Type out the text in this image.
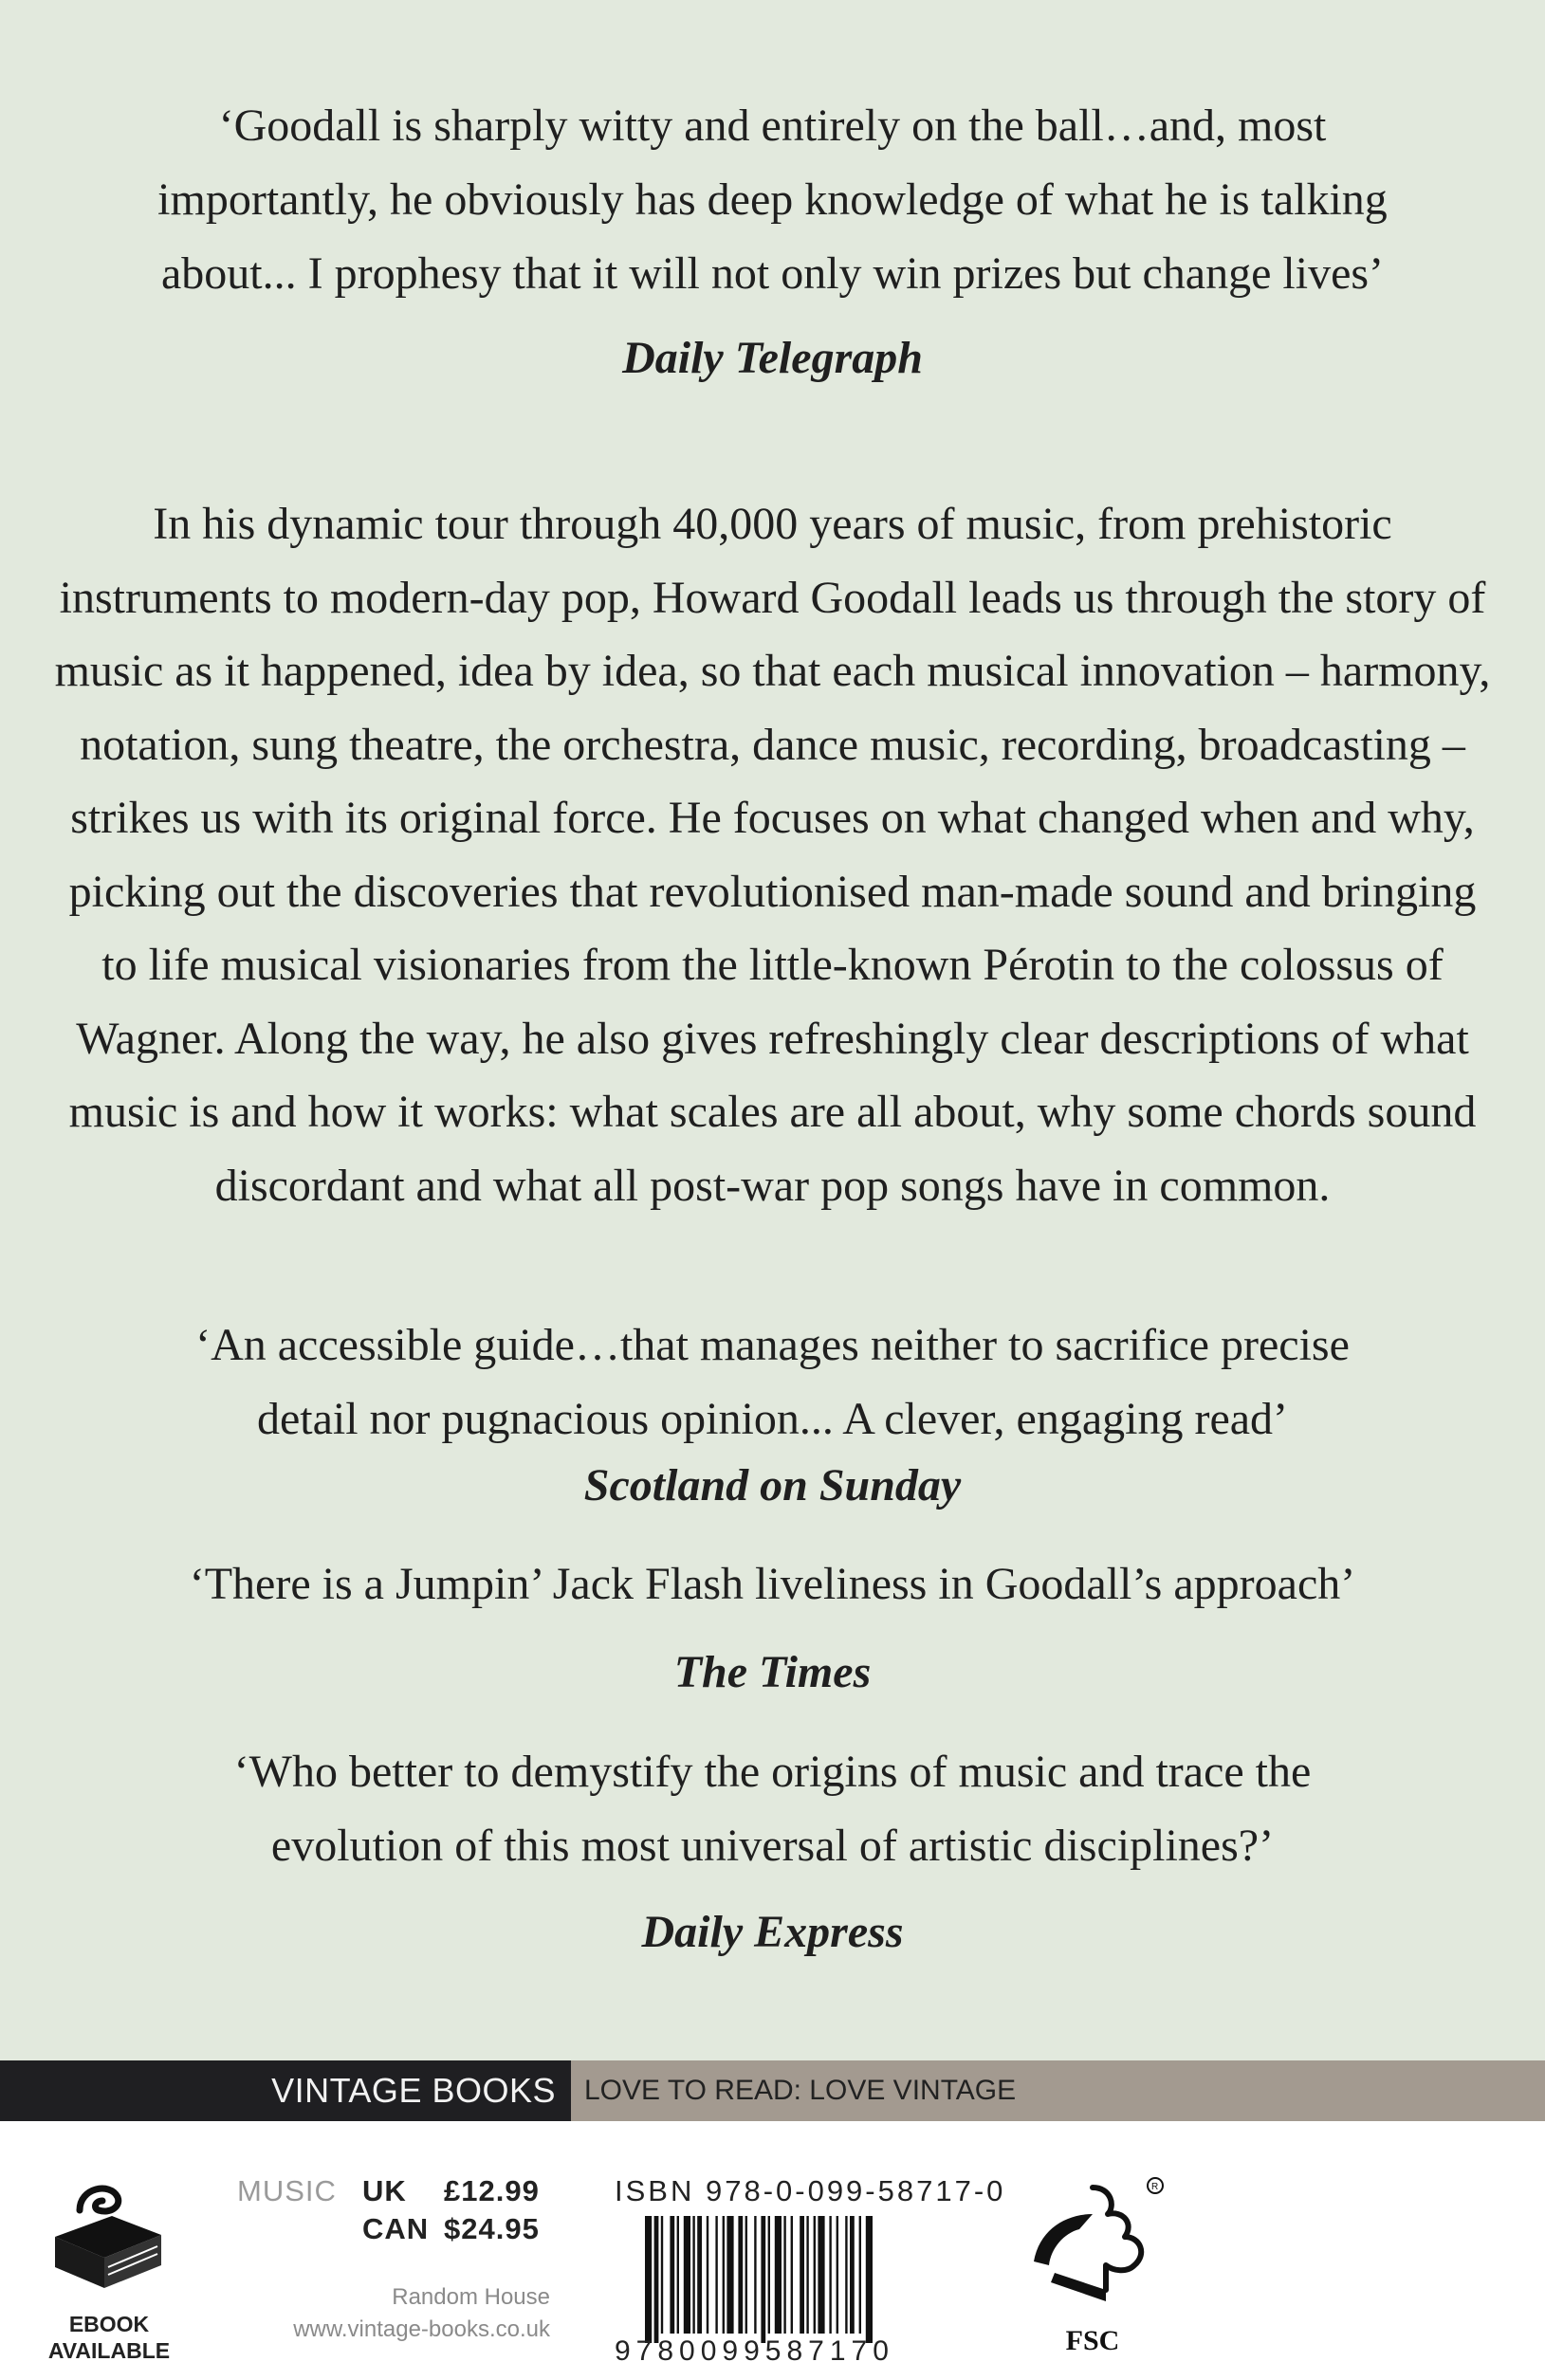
‘Goodall is sharply witty and entirely on the ball…and, most
importantly, he obviously has deep knowledge of what he is talking
about... I prophesy that it will not only win prizes but change lives’
Daily Telegraph
In his dynamic tour through 40,000 years of music, from prehistoric
instruments to modern-day pop, Howard Goodall leads us through the story of
music as it happened, idea by idea, so that each musical innovation – harmony,
notation, sung theatre, the orchestra, dance music, recording, broadcasting –
strikes us with its original force. He focuses on what changed when and why,
picking out the discoveries that revolutionised man-made sound and bringing
to life musical visionaries from the little-known Pérotin to the colossus of
Wagner. Along the way, he also gives refreshingly clear descriptions of what
music is and how it works: what scales are all about, why some chords sound
discordant and what all post-war pop songs have in common.
‘An accessible guide…that manages neither to sacrifice precise
detail nor pugnacious opinion... A clever, engaging read’
Scotland on Sunday
‘There is a Jumpin’ Jack Flash liveliness in Goodall’s approach’
The Times
‘Who better to demystify the origins of music and trace the
evolution of this most universal of artistic disciplines?’
Daily Express
VINTAGE BOOKS	LOVE TO READ: LOVE VINTAGE
EBOOK
AVAILABLE
MUSIC UK £12.99
CAN $24.95
Random House
www.vintage-books.co.uk
ISBN 978-0-099-58717-0
9780099587170
R
FSC
